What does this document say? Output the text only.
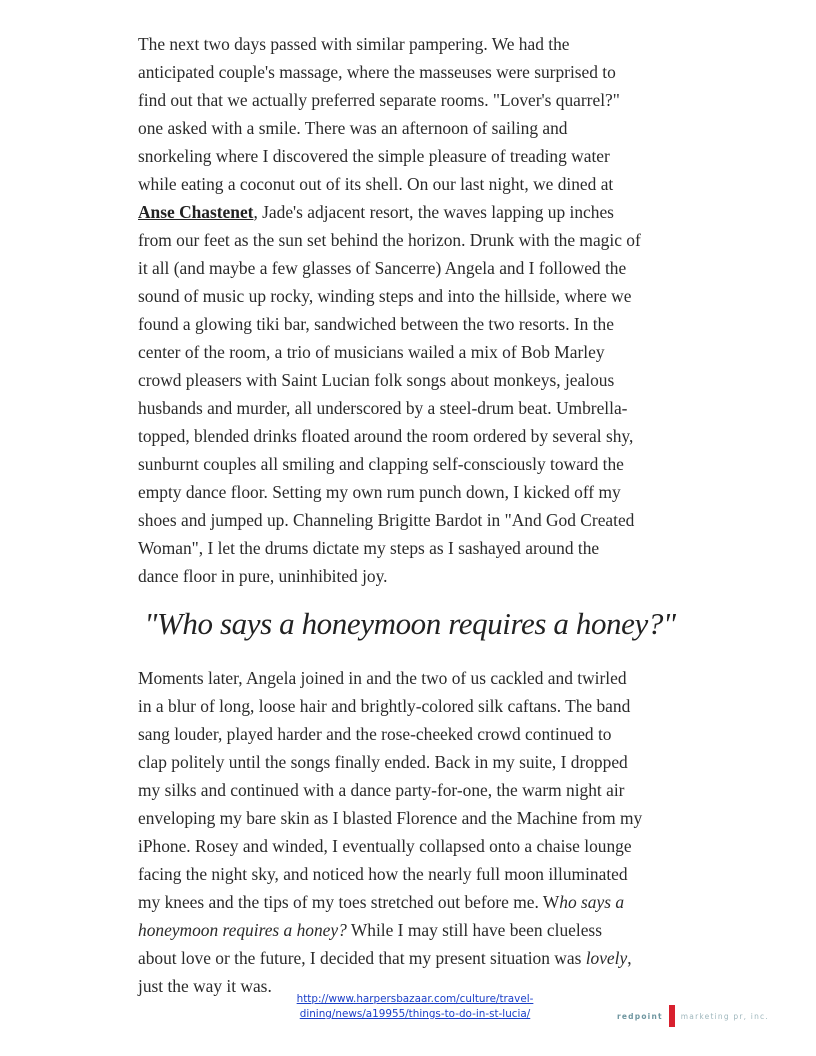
The next two days passed with similar pampering. We had the
anticipated couple's massage, where the masseuses were surprised to
find out that we actually preferred separate rooms. "Lover's quarrel?"
one asked with a smile. There was an afternoon of sailing and
snorkeling where I discovered the simple pleasure of treading water
while eating a coconut out of its shell. On our last night, we dined at
Anse Chastenet, Jade's adjacent resort, the waves lapping up inches
from our feet as the sun set behind the horizon. Drunk with the magic of
it all (and maybe a few glasses of Sancerre) Angela and I followed the
sound of music up rocky, winding steps and into the hillside, where we
found a glowing tiki bar, sandwiched between the two resorts. In the
center of the room, a trio of musicians wailed a mix of Bob Marley
crowd pleasers with Saint Lucian folk songs about monkeys, jealous
husbands and murder, all underscored by a steel-drum beat. Umbrella-
topped, blended drinks floated around the room ordered by several shy,
sunburnt couples all smiling and clapping self-consciously toward the
empty dance floor. Setting my own rum punch down, I kicked off my
shoes and jumped up. Channeling Brigitte Bardot in "And God Created
Woman", I let the drums dictate my steps as I sashayed around the
dance floor in pure, uninhibited joy.
"Who says a honeymoon requires a honey?"
Moments later, Angela joined in and the two of us cackled and twirled
in a blur of long, loose hair and brightly-colored silk caftans. The band
sang louder, played harder and the rose-cheeked crowd continued to
clap politely until the songs finally ended. Back in my suite, I dropped
my silks and continued with a dance party-for-one, the warm night air
enveloping my bare skin as I blasted Florence and the Machine from my
iPhone. Rosey and winded, I eventually collapsed onto a chaise lounge
facing the night sky, and noticed how the nearly full moon illuminated
my knees and the tips of my toes stretched out before me. Who says a
honeymoon requires a honey? While I may still have been clueless
about love or the future, I decided that my present situation was lovely,
just the way it was.
http://www.harpersbazaar.com/culture/travel-
dining/news/a19955/things-to-do-in-st-lucia/	redpoint marketing pr, inc.
